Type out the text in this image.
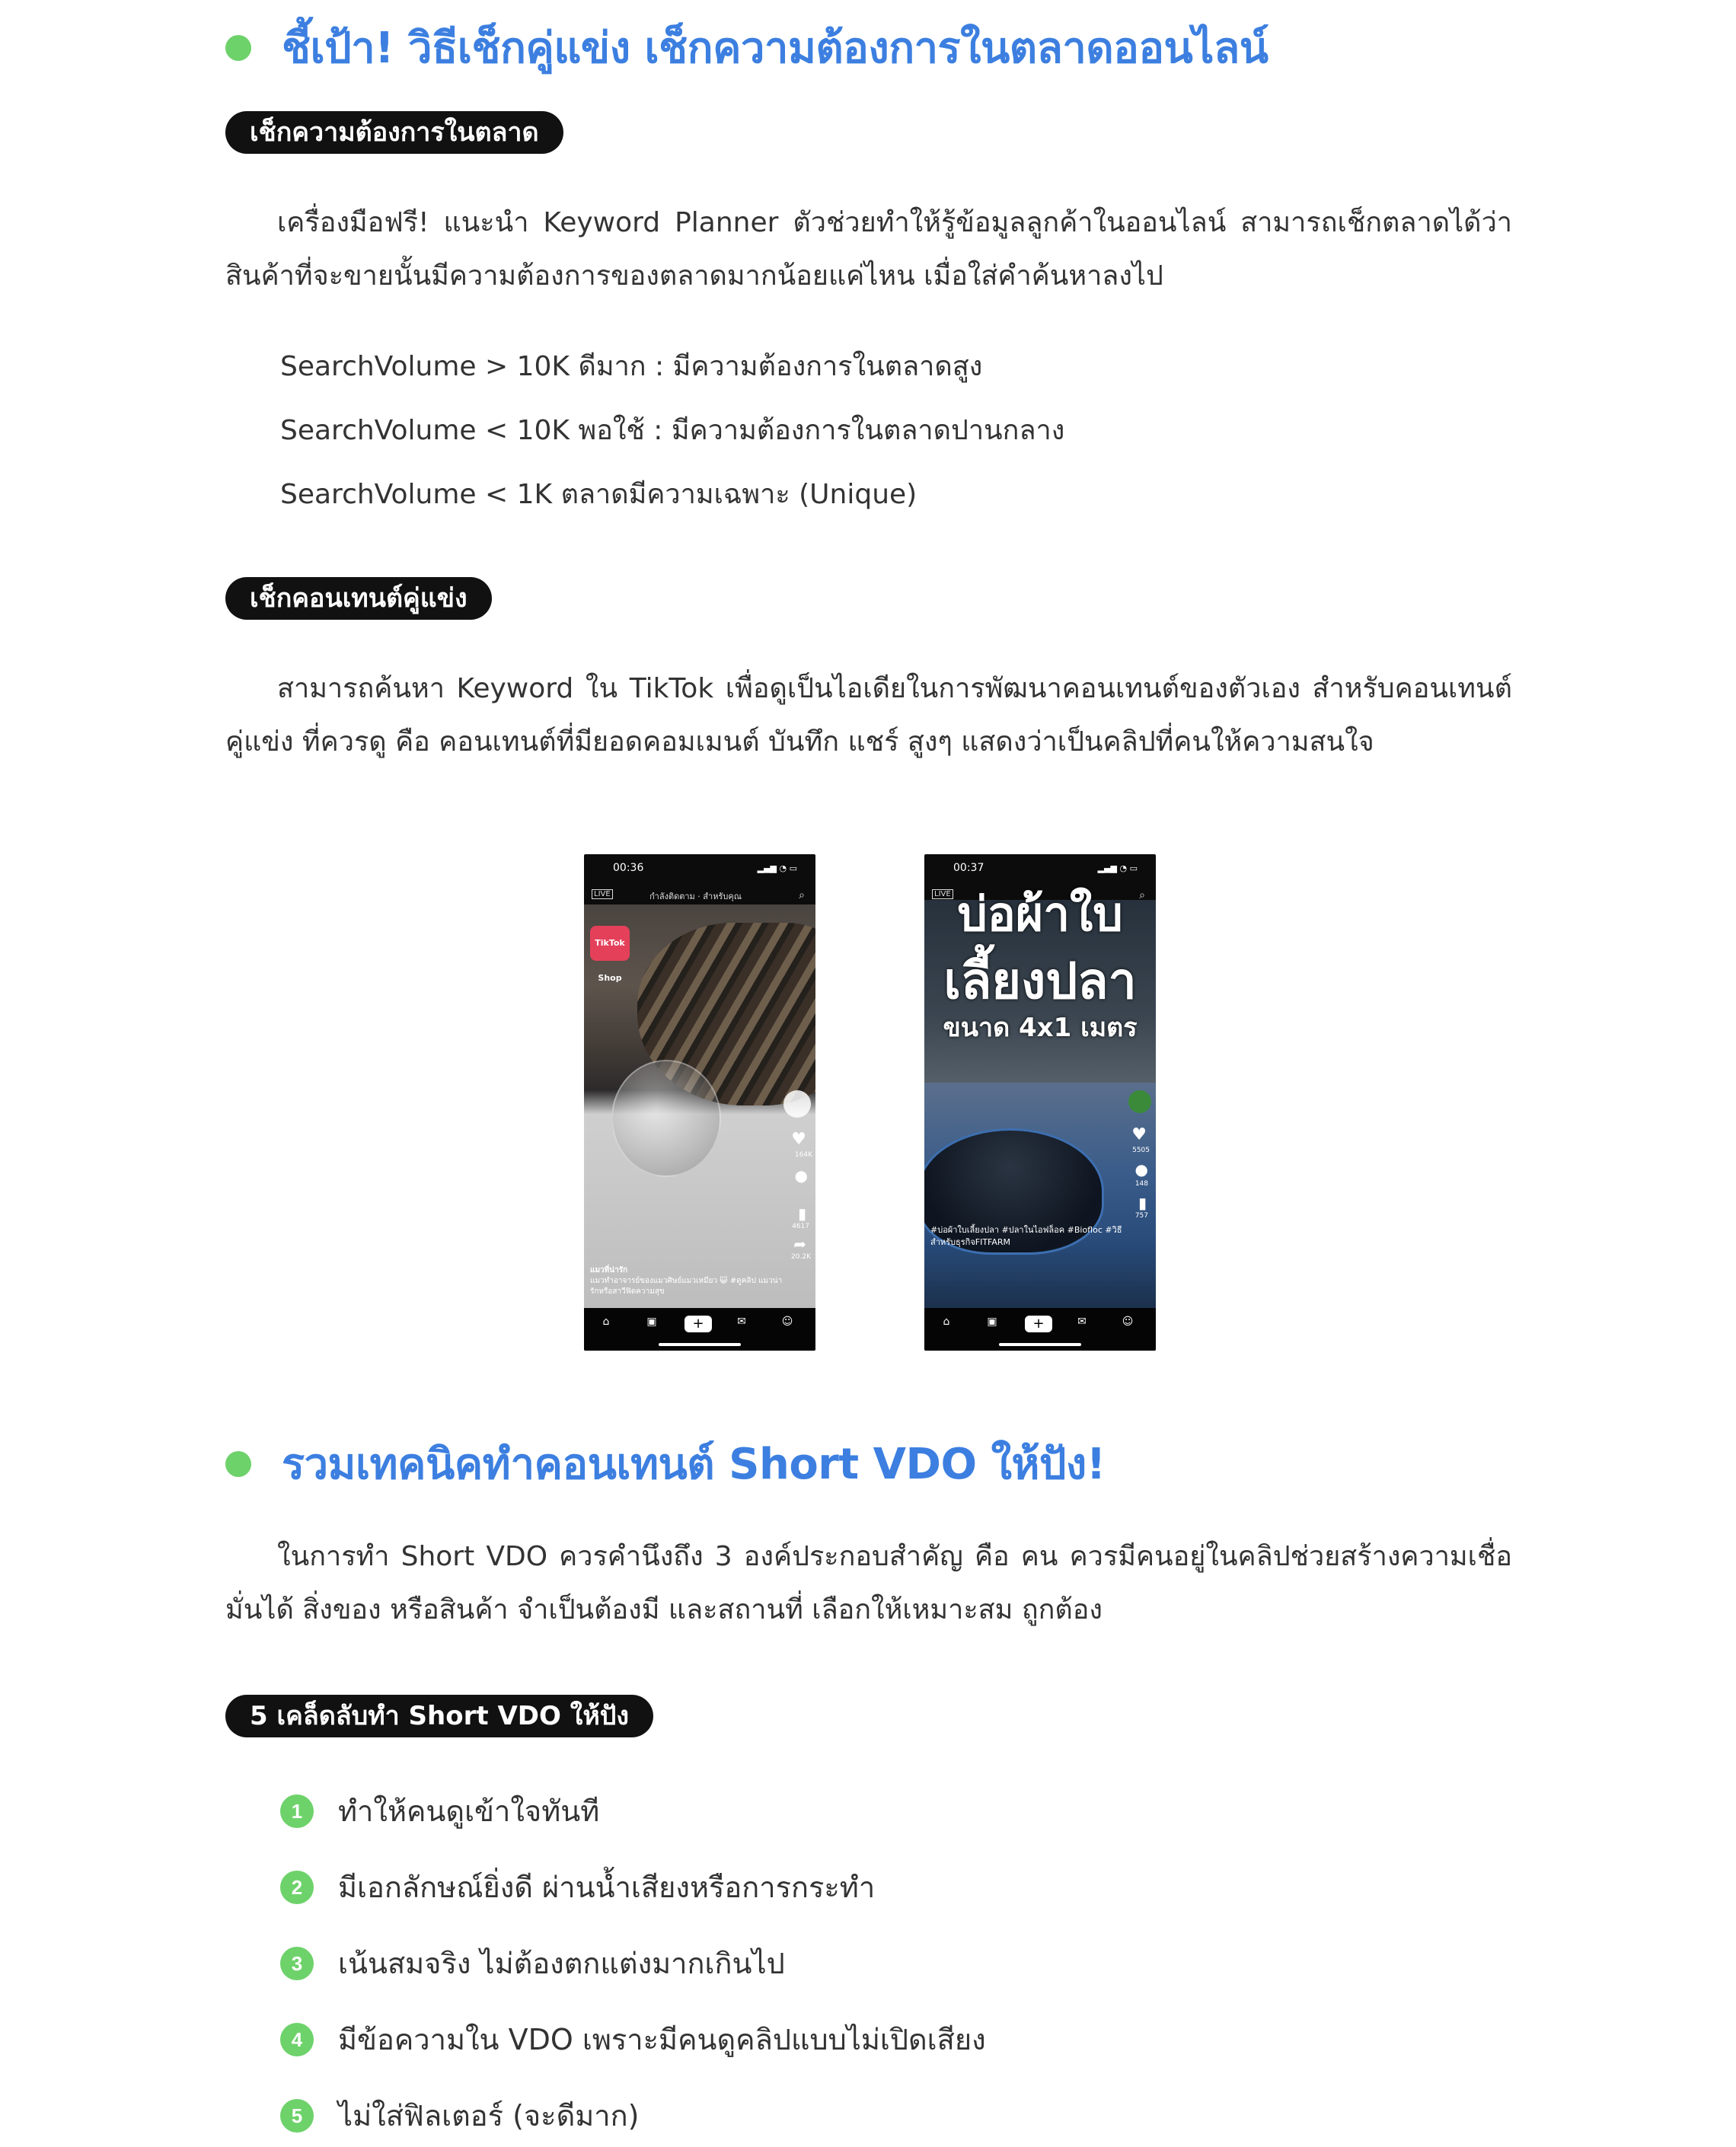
ชี้เป้า! วิธีเช็กคู่แข่ง เช็กความต้องการในตลาดออนไลน์
เช็กความต้องการในตลาด
เครื่องมือฟรี! แนะนำ Keyword Planner ตัวช่วยทำให้รู้ข้อมูลลูกค้าในออนไลน์ สามารถเช็กตลาดได้ว่า สินค้าที่จะขายนั้นมีความต้องการของตลาดมากน้อยแค่ไหน เมื่อใส่คำค้นหาลงไป
SearchVolume > 10K ดีมาก : มีความต้องการในตลาดสูง
SearchVolume < 10K พอใช้ : มีความต้องการในตลาดปานกลาง
SearchVolume < 1K ตลาดมีความเฉพาะ (Unique)
เช็กคอนเทนต์คู่แข่ง
สามารถค้นหา Keyword ใน TikTok เพื่อดูเป็นไอเดียในการพัฒนาคอนเทนต์ของตัวเอง สำหรับคอนเทนต์คู่แข่ง ที่ควรดู คือ คอนเทนต์ที่มียอดคอมเมนต์ บันทึก แชร์ สูงๆ แสดงว่าเป็นคลิปที่คนให้ความสนใจ
00:36	▂▄▆ ◔ ▭
LIVE	กำลังติดตาม · สำหรับคุณ	⌕
TikTok Shop
♥
164K
●
▮
4617
➦
20.2K
แมวที่น่ารัก
แมวทำอาจารย์ของแมวศิษย์แมวเหมียว 😺 #ดูคลิป แมวน่ารักหรือสาวีฟิดความสุข
⌂	▣	+	✉	☺
00:37	▂▄▆ ◔ ▭
LIVE	⌕
บ่อผ้าใบ
เลี้ยงปลา
ขนาด 4x1 เมตร
♥
5505
●
148
▮
757
#บ่อผ้าใบเลี้ยงปลา #ปลาในไอฟล็อค #Biofloc #วิธีสำหรับธุรกิจFITFARM
⌂	▣	+	✉	☺
รวมเทคนิคทำคอนเทนต์ Short VDO ให้ปัง!
ในการทำ Short VDO ควรคำนึงถึง 3 องค์ประกอบสำคัญ คือ คน ควรมีคนอยู่ในคลิปช่วยสร้างความเชื่อมั่นได้ สิ่งของ หรือสินค้า จำเป็นต้องมี และสถานที่ เลือกให้เหมาะสม ถูกต้อง
5 เคล็ดลับทำ Short VDO ให้ปัง
1	ทำให้คนดูเข้าใจทันที
2	มีเอกลักษณ์ยิ่งดี ผ่านน้ำเสียงหรือการกระทำ
3	เน้นสมจริง ไม่ต้องตกแต่งมากเกินไป
4	มีข้อความใน VDO เพราะมีคนดูคลิปแบบไม่เปิดเสียง
5	ไม่ใส่ฟิลเตอร์ (จะดีมาก)
